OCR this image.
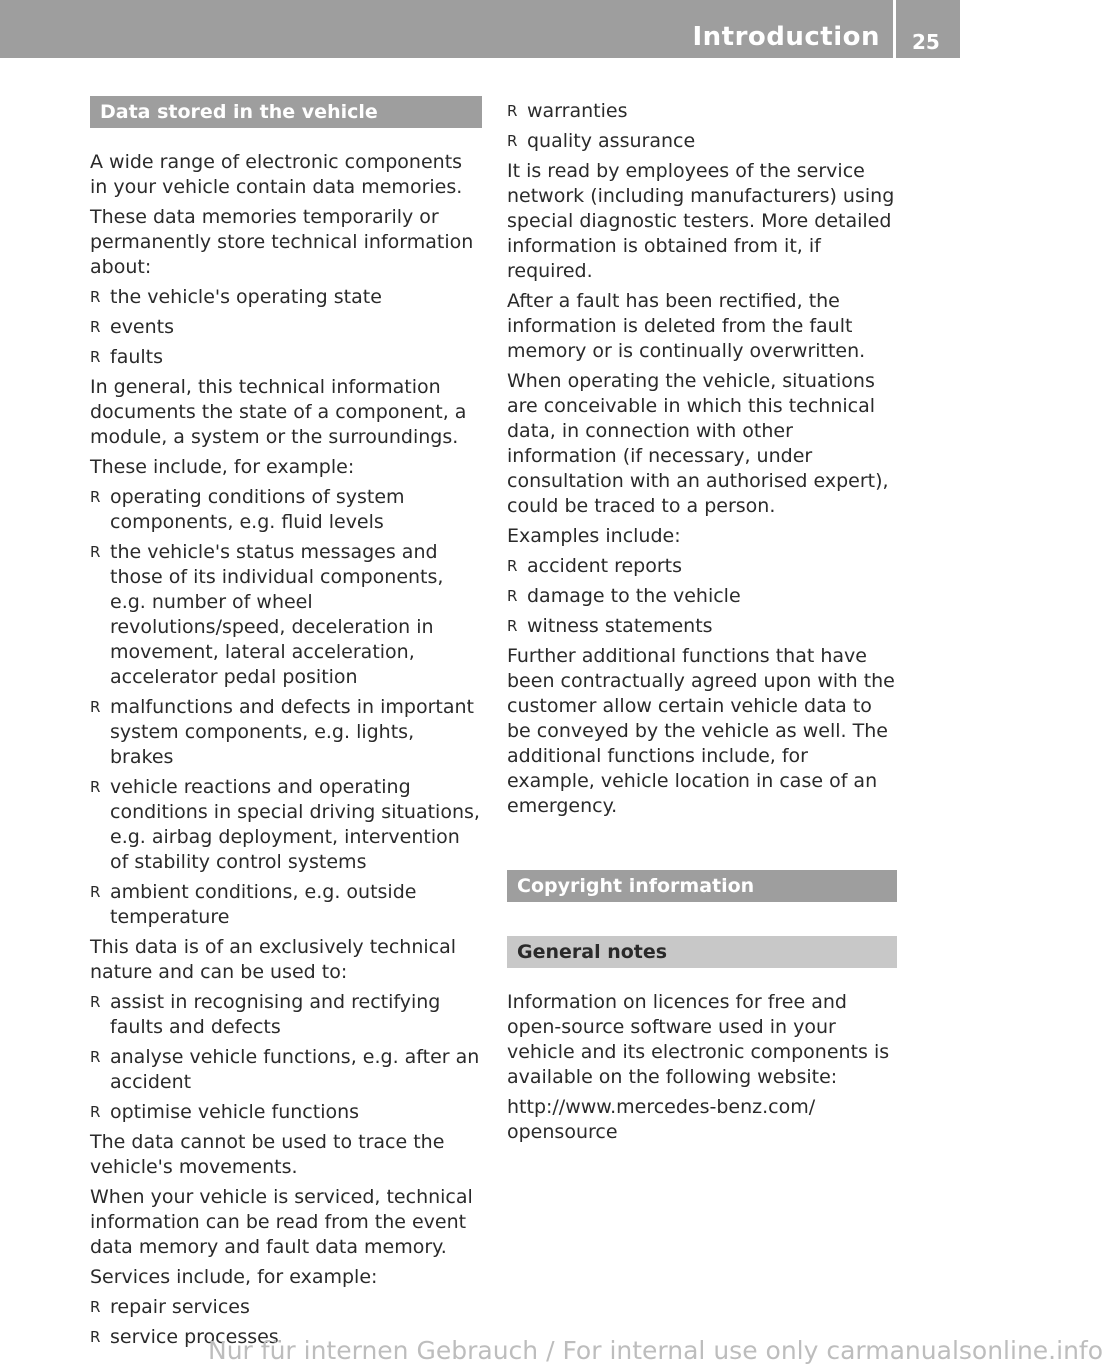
Introduction 25
Data stored in the vehicle

A wide range of electronic components in your vehicle contain data memories.

These data memories temporarily or permanently store technical information about:

R the vehicle's operating state
R events
R faults

In general, this technical information documents the state of a component, a module, a system or the surroundings.

These include, for example:

R operating conditions of system components, e.g. fluid levels
R the vehicle's status messages and those of its individual components, e.g. number of wheel revolutions/speed, deceleration in movement, lateral acceleration, accelerator pedal position
R malfunctions and defects in important system components, e.g. lights, brakes
R vehicle reactions and operating conditions in special driving situations, e.g. airbag deployment, intervention of stability control systems
R ambient conditions, e.g. outside temperature

This data is of an exclusively technical nature and can be used to:

R assist in recognising and rectifying faults and defects
R analyse vehicle functions, e.g. after an accident
R optimise vehicle functions

The data cannot be used to trace the vehicle's movements.

When your vehicle is serviced, technical information can be read from the event data memory and fault data memory.

Services include, for example:

R repair services
R service processes
R warranties
R quality assurance

It is read by employees of the service network (including manufacturers) using special diagnostic testers. More detailed information is obtained from it, if required.

After a fault has been rectified, the information is deleted from the fault memory or is continually overwritten.

When operating the vehicle, situations are conceivable in which this technical data, in connection with other information (if necessary, under consultation with an authorised expert), could be traced to a person.

Examples include:

R accident reports
R damage to the vehicle
R witness statements

Further additional functions that have been contractually agreed upon with the customer allow certain vehicle data to be conveyed by the vehicle as well. The additional functions include, for example, vehicle location in case of an emergency.

Copyright information
General notes

Information on licences for free and open-source software used in your vehicle and its electronic components is available on the following website:

http://www.mercedes-benz.com/ opensource

Nur für internen Gebrauch / For internal use only carmanualsonline.info
